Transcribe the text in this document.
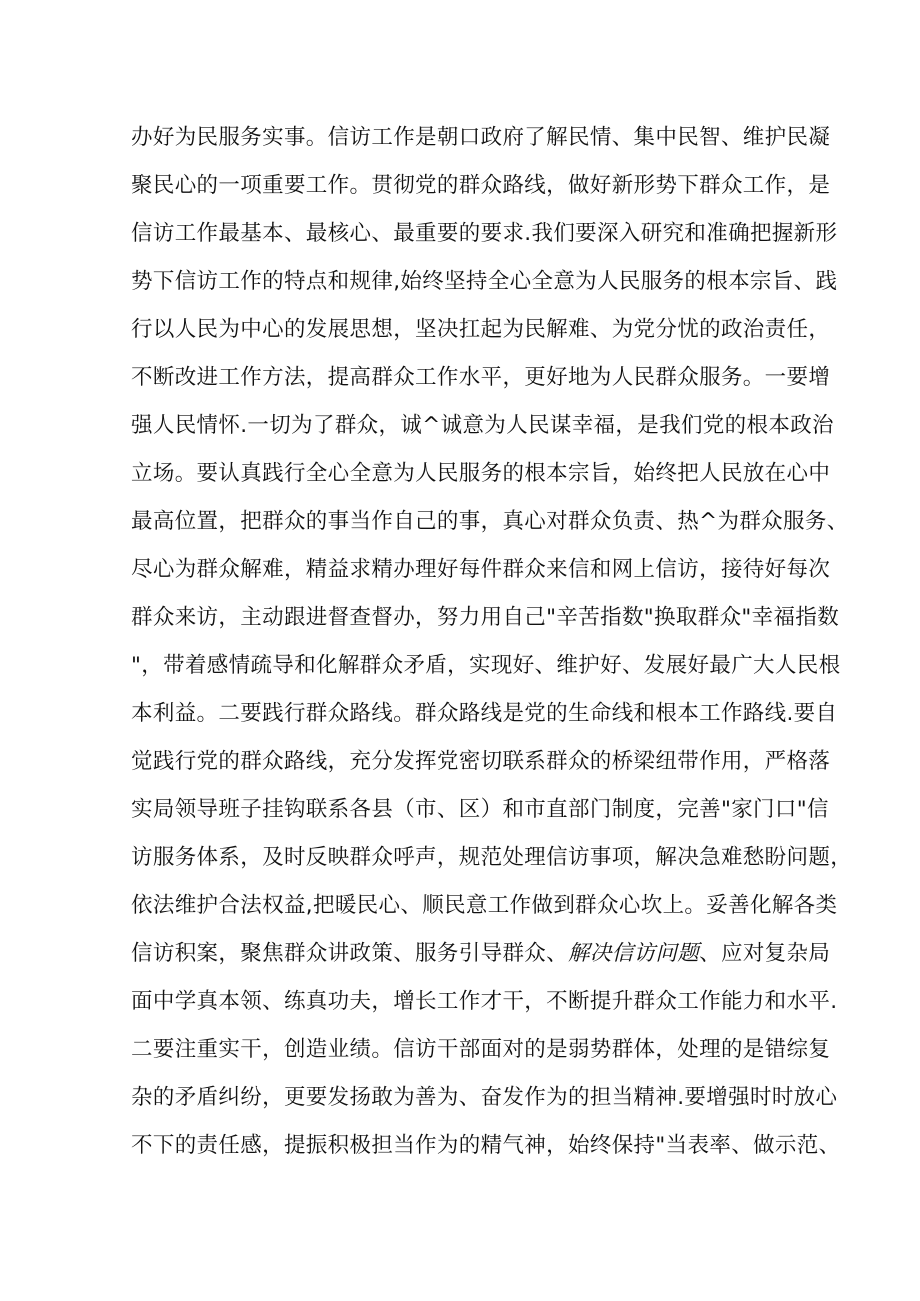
办好为民服务实事。信访工作是朝口政府了解民情、集中民智、维护民凝
聚民心的一项重要工作。贯彻党的群众路线，做好新形势下群众工作，是
信访工作最基本、最核心、最重要的要求.我们要深入研究和准确把握新形
势下信访工作的特点和规律,始终坚持全心全意为人民服务的根本宗旨、践
行以人民为中心的发展思想，坚决扛起为民解难、为党分忧的政治责任，
不断改进工作方法，提高群众工作水平，更好地为人民群众服务。一要增
强人民情怀.一切为了群众，诚^诚意为人民谋幸福，是我们党的根本政治
立场。要认真践行全心全意为人民服务的根本宗旨，始终把人民放在心中
最高位置，把群众的事当作自己的事，真心对群众负责、热^为群众服务、
尽心为群众解难，精益求精办理好每件群众来信和网上信访，接待好每次
群众来访，主动跟进督查督办，努力用自己"辛苦指数"换取群众"幸福指数
"，带着感情疏导和化解群众矛盾，实现好、维护好、发展好最广大人民根
本利益。二要践行群众路线。群众路线是党的生命线和根本工作路线.要自
觉践行党的群众路线，充分发挥党密切联系群众的桥梁纽带作用，严格落
实局领导班子挂钩联系各县（市、区）和市直部门制度，完善"家门口"信
访服务体系，及时反映群众呼声，规范处理信访事项，解决急难愁盼问题，
依法维护合法权益,把暖民心、顺民意工作做到群众心坎上。妥善化解各类
信访积案，聚焦群众讲政策、服务引导群众、解决信访问题、应对复杂局
面中学真本领、练真功夫，增长工作才干，不断提升群众工作能力和水平.
二要注重实干，创造业绩。信访干部面对的是弱势群体，处理的是错综复
杂的矛盾纠纷，更要发扬敢为善为、奋发作为的担当精神.要增强时时放心
不下的责任感，提振积极担当作为的精气神，始终保持"当表率、做示范、
